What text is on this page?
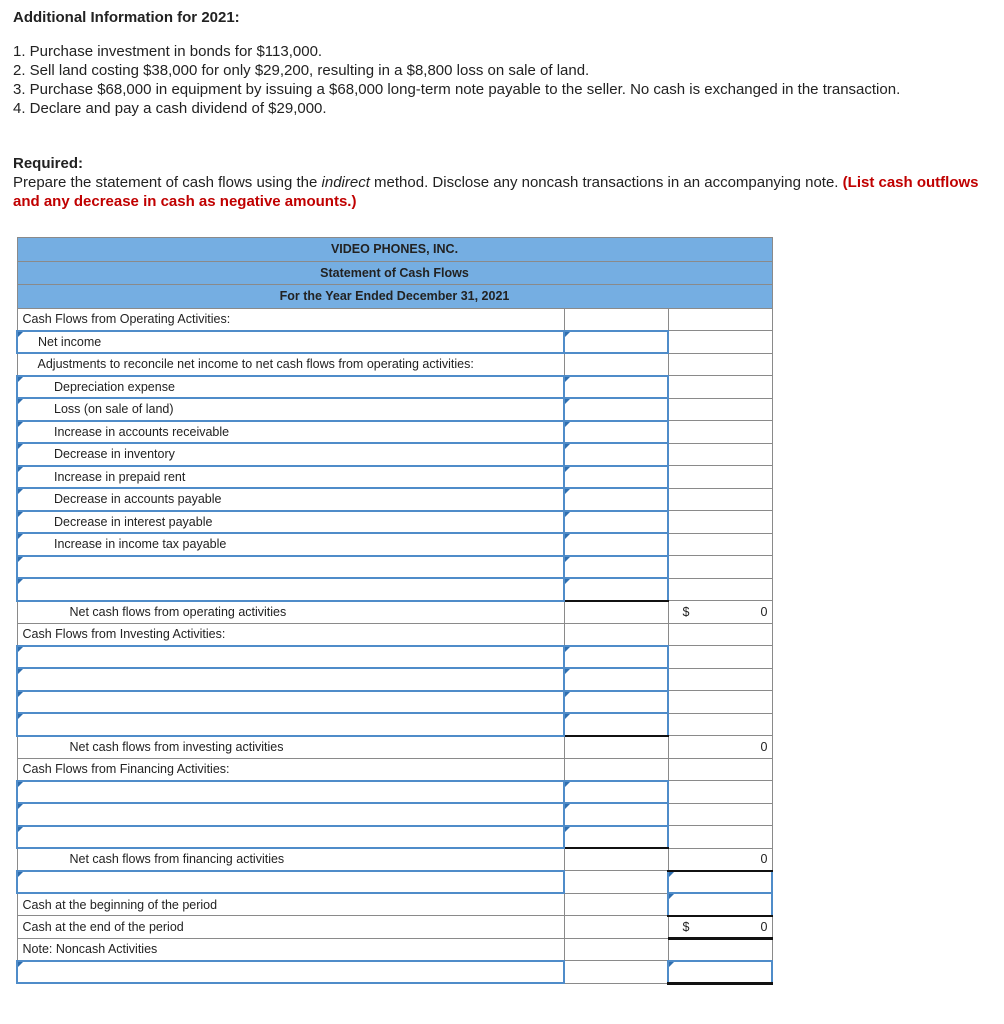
Additional Information for 2021:
1. Purchase investment in bonds for $113,000.
2. Sell land costing $38,000 for only $29,200, resulting in a $8,800 loss on sale of land.
3. Purchase $68,000 in equipment by issuing a $68,000 long-term note payable to the seller. No cash is exchanged in the transaction.
4. Declare and pay a cash dividend of $29,000.
Required:
Prepare the statement of cash flows using the indirect method. Disclose any noncash transactions in an accompanying note. (List cash outflows and any decrease in cash as negative amounts.)
VIDEO PHONES, INC.		
Statement of Cash Flows		
For the Year Ended December 31, 2021		

Cash Flows from Operating Activities:		

Net income		

Adjustments to reconcile net income to net cash flows from operating activities:		

Depreciation expense		

Loss (on sale of land)		

Increase in accounts receivable		

Decrease in inventory		

Increase in prepaid rent		

Decrease in accounts payable		

Decrease in interest payable		

Increase in income tax payable		

Net cash flows from operating activities		$ 0

Cash Flows from Investing Activities:		

Net cash flows from investing activities		0

Cash Flows from Financing Activities:		

Net cash flows from financing activities		0

Cash at the beginning of the period		

Cash at the end of the period		$ 0

Note: Noncash Activities		
